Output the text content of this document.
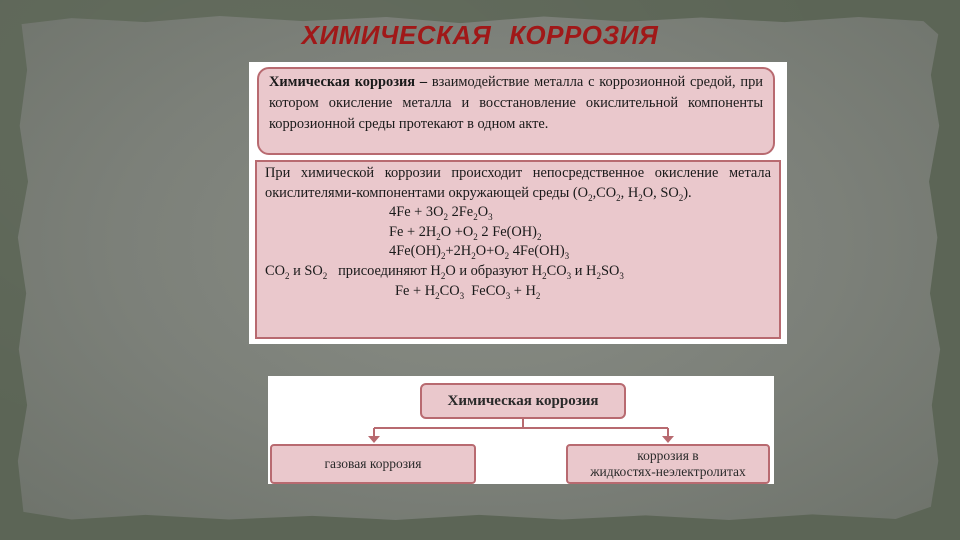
ХИМИЧЕСКАЯ КОРРОЗИЯ
Химическая коррозия – взаимодействие металла с коррозионной средой, при котором окисление металла и восстановление окислительной компоненты коррозионной среды протекают в одном акте.
При химической коррозии происходит непосредственное окисление метала окислителями-компонентами окружающей среды ($O_2,CO_2$, $H_2O$, $SO_2$).
$4Fe + 3O_2$ $2Fe_2O_3$
$Fe + 2H_2O +O_2$ 2 $Fe(OH)_2$
$4Fe(OH)_2+2H_2O+O_2$ $4Fe(OH)_3$
$CO_2$ и $SO_2$   присоединяют $H_2O$ и образуют $H_2CO_3$ и $H_2SO_3$
$Fe + H_2CO_3$  FeCO$_3$ + $H_2$
Химическая коррозия
газовая коррозия
коррозия в
жидкостях-неэлектролитах
